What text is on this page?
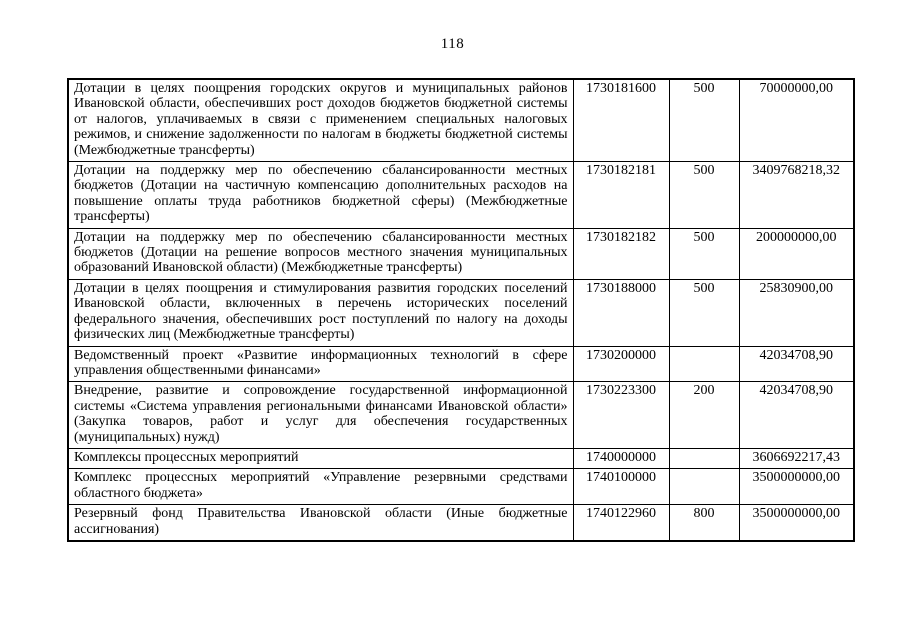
118
Дотации в целях поощрения городских округов и муниципальных районов Ивановской области, обеспечивших рост доходов бюджетов бюджетной системы от налогов, уплачиваемых в связи с применением специальных налоговых режимов, и снижение задолженности по налогам в бюджеты бюджетной системы (Межбюджетные трансферты)	1730181600	500	70000000,00
Дотации на поддержку мер по обеспечению сбалансированности местных бюджетов (Дотации на частичную компенсацию дополнительных расходов на повышение оплаты труда работников бюджетной сферы) (Межбюджетные трансферты)	1730182181	500	3409768218,32
Дотации на поддержку мер по обеспечению сбалансированности местных бюджетов (Дотации на решение вопросов местного значения муниципальных образований Ивановской области) (Межбюджетные трансферты)	1730182182	500	200000000,00
Дотации в целях поощрения и стимулирования развития городских поселений Ивановской области, включенных в перечень исторических поселений федерального значения, обеспечивших рост поступлений по налогу на доходы физических лиц (Межбюджетные трансферты)	1730188000	500	25830900,00
Ведомственный проект «Развитие информационных технологий в сфере управления общественными финансами»	1730200000		42034708,90
Внедрение, развитие и сопровождение государственной информационной системы «Система управления региональными финансами Ивановской области» (Закупка товаров, работ и услуг для обеспечения государственных (муниципальных) нужд)	1730223300	200	42034708,90
Комплексы процессных мероприятий	1740000000		3606692217,43
Комплекс процессных мероприятий «Управление резервными средствами областного бюджета»	1740100000		3500000000,00
Резервный фонд Правительства Ивановской области (Иные бюджетные ассигнования)	1740122960	800	3500000000,00
